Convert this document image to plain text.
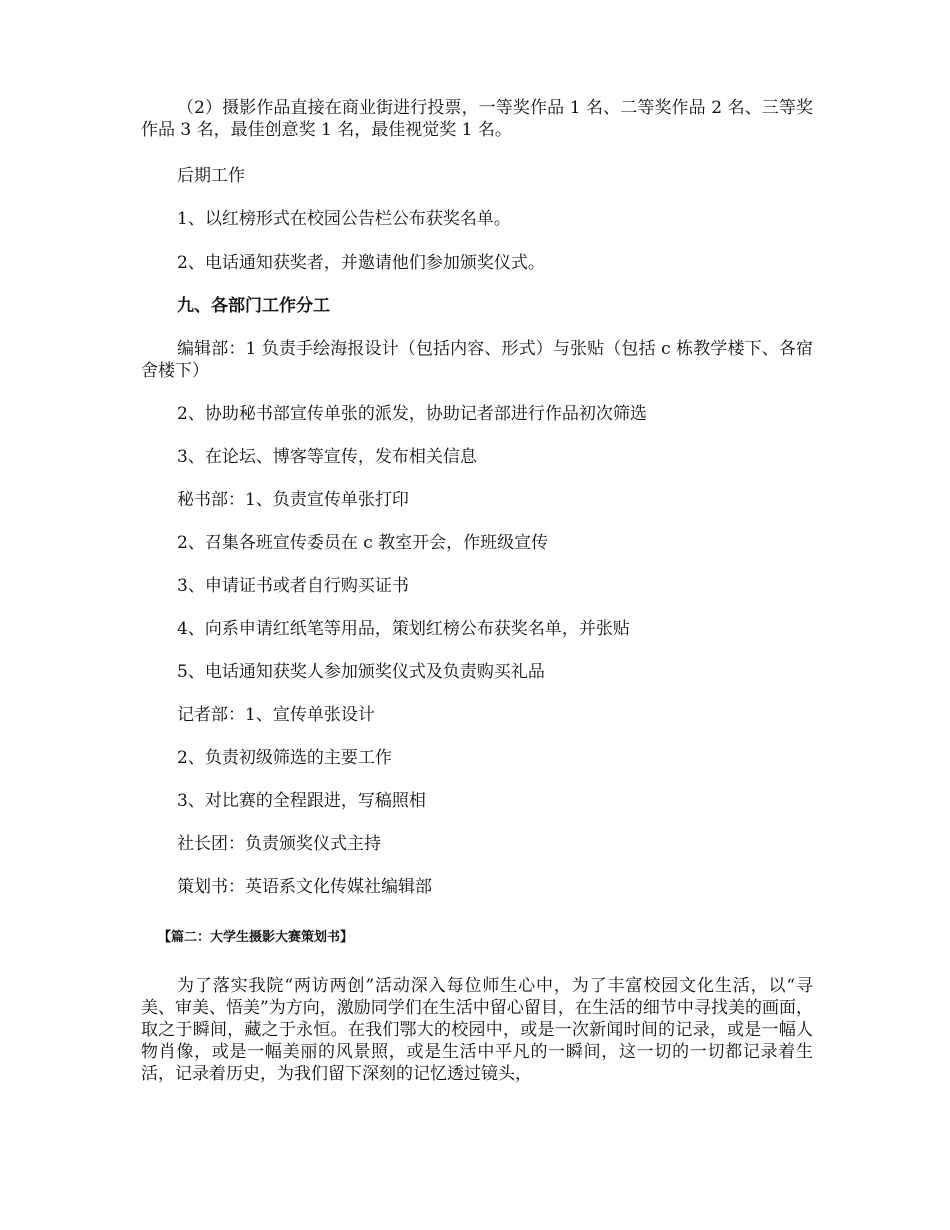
（2）摄影作品直接在商业街进行投票，一等奖作品 1 名、二等奖作品 2 名、三等奖作品 3 名，最佳创意奖 1 名，最佳视觉奖 1 名。

后期工作

1、以红榜形式在校园公告栏公布获奖名单。

2、电话通知获奖者，并邀请他们参加颁奖仪式。

九、各部门工作分工

编辑部：1 负责手绘海报设计（包括内容、形式）与张贴（包括 c 栋教学楼下、各宿舍楼下）

2、协助秘书部宣传单张的派发，协助记者部进行作品初次筛选

3、在论坛、博客等宣传，发布相关信息

秘书部：1、负责宣传单张打印

2、召集各班宣传委员在 c 教室开会，作班级宣传

3、申请证书或者自行购买证书

4、向系申请红纸笔等用品，策划红榜公布获奖名单，并张贴

5、电话通知获奖人参加颁奖仪式及负责购买礼品

记者部：1、宣传单张设计

2、负责初级筛选的主要工作

3、对比赛的全程跟进，写稿照相

社长团：负责颁奖仪式主持

策划书：英语系文化传媒社编辑部

【篇二：大学生摄影大赛策划书】

为了落实我院“两访两创”活动深入每位师生心中，为了丰富校园文化生活，以“寻美、审美、悟美”为方向，激励同学们在生活中留心留目，在生活的细节中寻找美的画面，取之于瞬间，藏之于永恒。在我们鄂大的校园中，或是一次新闻时间的记录，或是一幅人物肖像，或是一幅美丽的风景照，或是生活中平凡的一瞬间，这一切的一切都记录着生活，记录着历史，为我们留下深刻的记忆透过镜头，
